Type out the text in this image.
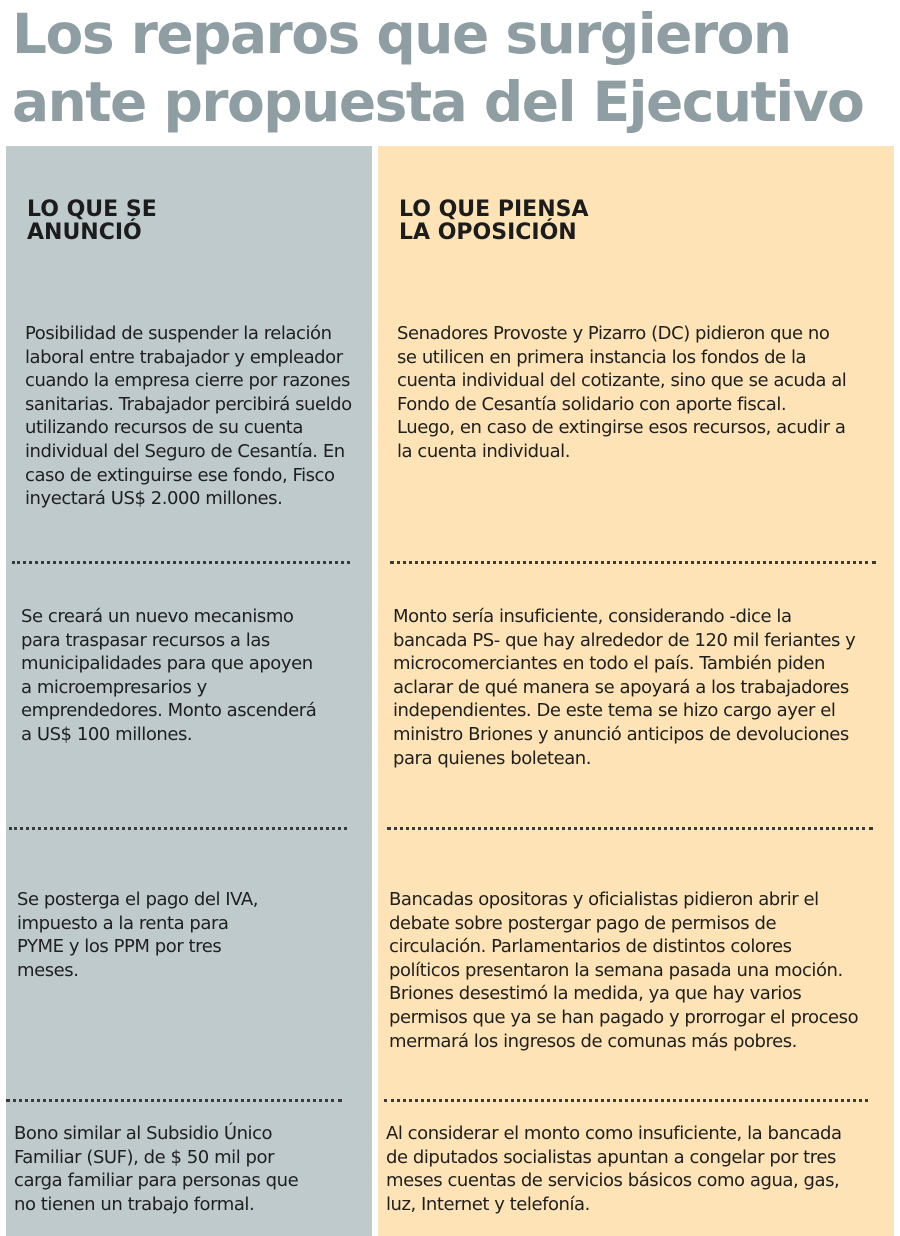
Los reparos que surgieron
ante propuesta del Ejecutivo
LO QUE SE
ANUNCIÓ
LO QUE PIENSA
LA OPOSICIÓN

Posibilidad de suspender la relación laboral entre trabajador y empleador cuando la empresa cierre por razones sanitarias. Trabajador percibirá sueldo utilizando recursos de su cuenta individual del Seguro de Cesantía. En caso de extinguirse ese fondo, Fisco inyectará US$ 2.000 millones.

Se creará un nuevo mecanismo para traspasar recursos a las municipalidades para que apoyen a microempresarios y emprendedores. Monto ascenderá a US$ 100 millones.

Se posterga el pago del IVA, impuesto a la renta para PYME y los PPM por tres meses.

Bono similar al Subsidio Único Familiar (SUF), de $ 50 mil por carga familiar para personas que no tienen un trabajo formal.

Senadores Provoste y Pizarro (DC) pidieron que no se utilicen en primera instancia los fondos de la cuenta individual del cotizante, sino que se acuda al Fondo de Cesantía solidario con aporte fiscal. Luego, en caso de extingirse esos recursos, acudir a la cuenta individual.

Monto sería insuficiente, considerando -dice la bancada PS- que hay alrededor de 120 mil feriantes y microcomerciantes en todo el país. También piden aclarar de qué manera se apoyará a los trabajadores independientes. De este tema se hizo cargo ayer el ministro Briones y anunció anticipos de devoluciones para quienes boletean.

Bancadas opositoras y oficialistas pidieron abrir el debate sobre postergar pago de permisos de circulación. Parlamentarios de distintos colores políticos presentaron la semana pasada una moción. Briones desestimó la medida, ya que hay varios permisos que ya se han pagado y prorrogar el proceso mermará los ingresos de comunas más pobres.

Al considerar el monto como insuficiente, la bancada de diputados socialistas apuntan a congelar por tres meses cuentas de servicios básicos como agua, gas, luz, Internet y telefonía.
